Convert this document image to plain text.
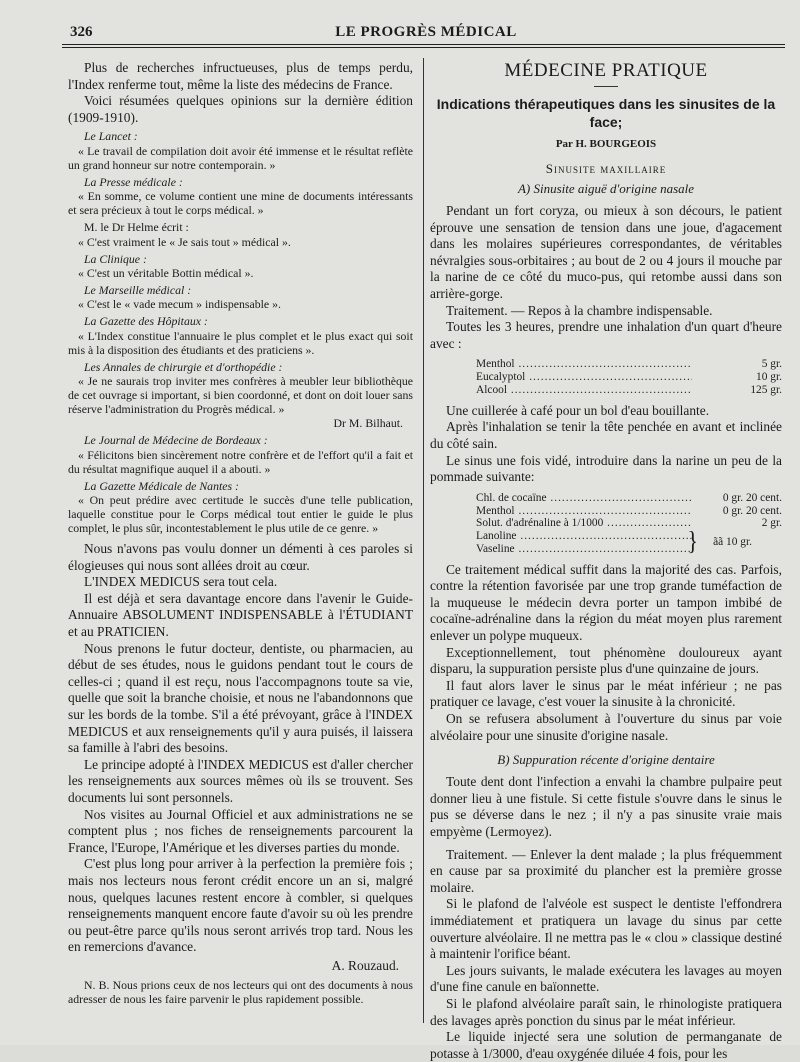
326	LE PROGRÈS MÉDICAL

Plus de recherches infructueuses, plus de temps perdu, l'Index renferme tout, même la liste des médecins de France.

Voici résumées quelques opinions sur la dernière édition (1909-1910).

Le Lancet :

« Le travail de compilation doit avoir été immense et le résultat reflète un grand honneur sur notre contemporain. »

La Presse médicale :

« En somme, ce volume contient une mine de documents intéressants et sera précieux à tout le corps médical. »

M. le Dr Helme écrit :

« C'est vraiment le « Je sais tout » médical ».

La Clinique :

« C'est un véritable Bottin médical ».

Le Marseille médical :

« C'est le « vade mecum » indispensable ».

La Gazette des Hôpitaux :

« L'Index constitue l'annuaire le plus complet et le plus exact qui soit mis à la disposition des étudiants et des praticiens ».

Les Annales de chirurgie et d'orthopédie :

« Je ne saurais trop inviter mes confrères à meubler leur bibliothèque de cet ouvrage si important, si bien coordonné, et dont on doit louer sans réserve l'administration du Progrès médical. »

Dr M. Bilhaut.

Le Journal de Médecine de Bordeaux :

« Félicitons bien sincèrement notre confrère et de l'effort qu'il a fait et du résultat magnifique auquel il a abouti. »

La Gazette Médicale de Nantes :

« On peut prédire avec certitude le succès d'une telle publication, laquelle constitue pour le Corps médical tout entier le guide le plus complet, le plus sûr, incontestablement le plus utile de ce genre. »

Nous n'avons pas voulu donner un démenti à ces paroles si élogieuses qui nous sont allées droit au cœur.

L'INDEX MEDICUS sera tout cela.

Il est déjà et sera davantage encore dans l'avenir le Guide-Annuaire ABSOLUMENT INDISPENSABLE à l'ÉTUDIANT et au PRATICIEN.

Nous prenons le futur docteur, dentiste, ou pharmacien, au début de ses études, nous le guidons pendant tout le cours de celles-ci ; quand il est reçu, nous l'accompagnons toute sa vie, quelle que soit la branche choisie, et nous ne l'abandonnons que sur les bords de la tombe. S'il a été prévoyant, grâce à l'INDEX MEDICUS et aux renseignements qu'il y aura puisés, il laissera sa famille à l'abri des besoins.

Le principe adopté à l'INDEX MEDICUS est d'aller chercher les renseignements aux sources mêmes où ils se trouvent. Ses documents lui sont personnels.

Nos visites au Journal Officiel et aux administrations ne se comptent plus ; nos fiches de renseignements parcourent la France, l'Europe, l'Amérique et les diverses parties du monde.

C'est plus long pour arriver à la perfection la première fois ; mais nos lecteurs nous feront crédit encore un an si, malgré nous, quelques lacunes restent encore à combler, si quelques renseignements manquent encore faute d'avoir su où les prendre ou peut-être parce qu'ils nous seront arrivés trop tard. Nous les en remercions d'avance.

A. Rouzaud.

N. B. Nous prions ceux de nos lecteurs qui ont des documents à nous adresser de nous les faire parvenir le plus rapidement possible.

MÉDECINE PRATIQUE
Indications thérapeutiques dans les sinusites de la face;
Par H. BOURGEOIS
Sinusite maxillaire
A) Sinusite aiguë d'origine nasale

Pendant un fort coryza, ou mieux à son décours, le patient éprouve une sensation de tension dans une joue, d'agacement dans les molaires supérieures correspondantes, de véritables névralgies sous-orbitaires ; au bout de 2 ou 4 jours il mouche par la narine de ce côté du muco-pus, qui retombe aussi dans son arrière-gorge.

Traitement. — Repos à la chambre indispensable.

Toutes les 3 heures, prendre une inhalation d'un quart d'heure avec :

Menthol .....	5 gr.
Eucalyptol .....	10 gr.
Alcool .....	125 gr.

Une cuillerée à café pour un bol d'eau bouillante.

Après l'inhalation se tenir la tête penchée en avant et inclinée du côté sain.

Le sinus une fois vidé, introduire dans la narine un peu de la pommade suivante:

Chl. de cocaïne .....	0 gr. 20 cent.
Menthol .....	0 gr. 20 cent.
Solut. d'adrénaline à 1/1000 .....	2 gr.
Lanoline .....
Vaseline .....	} ãã 10 gr.

Ce traitement médical suffit dans la majorité des cas. Parfois, contre la rétention favorisée par une trop grande tuméfaction de la muqueuse le médecin devra porter un tampon imbibé de cocaïne-adrénaline dans la région du méat moyen plus rarement enlever un polype muqueux.

Exceptionnellement, tout phénomène douloureux ayant disparu, la suppuration persiste plus d'une quinzaine de jours.

Il faut alors laver le sinus par le méat inférieur ; ne pas pratiquer ce lavage, c'est vouer la sinusite à la chronicité.

On se refusera absolument à l'ouverture du sinus par voie alvéolaire pour une sinusite d'origine nasale.

B) Suppuration récente d'origine dentaire

Toute dent dont l'infection a envahi la chambre pulpaire peut donner lieu à une fistule. Si cette fistule s'ouvre dans le sinus le pus se déverse dans le nez ; il n'y a pas sinusite vraie mais empyème (Lermoyez).

Traitement. — Enlever la dent malade ; la plus fréquemment en cause par sa proximité du plancher est la première grosse molaire.

Si le plafond de l'alvéole est suspect le dentiste l'effondrera immédiatement et pratiquera un lavage du sinus par cette ouverture alvéolaire. Il ne mettra pas le « clou » classique destiné à maintenir l'orifice béant.

Les jours suivants, le malade exécutera les lavages au moyen d'une fine canule en baïonnette.

Si le plafond alvéolaire paraît sain, le rhinologiste pratiquera des lavages après ponction du sinus par le méat inférieur.

Le liquide injecté sera une solution de permanganate de potasse à 1/3000, d'eau oxygénée diluée 4 fois, pour les
